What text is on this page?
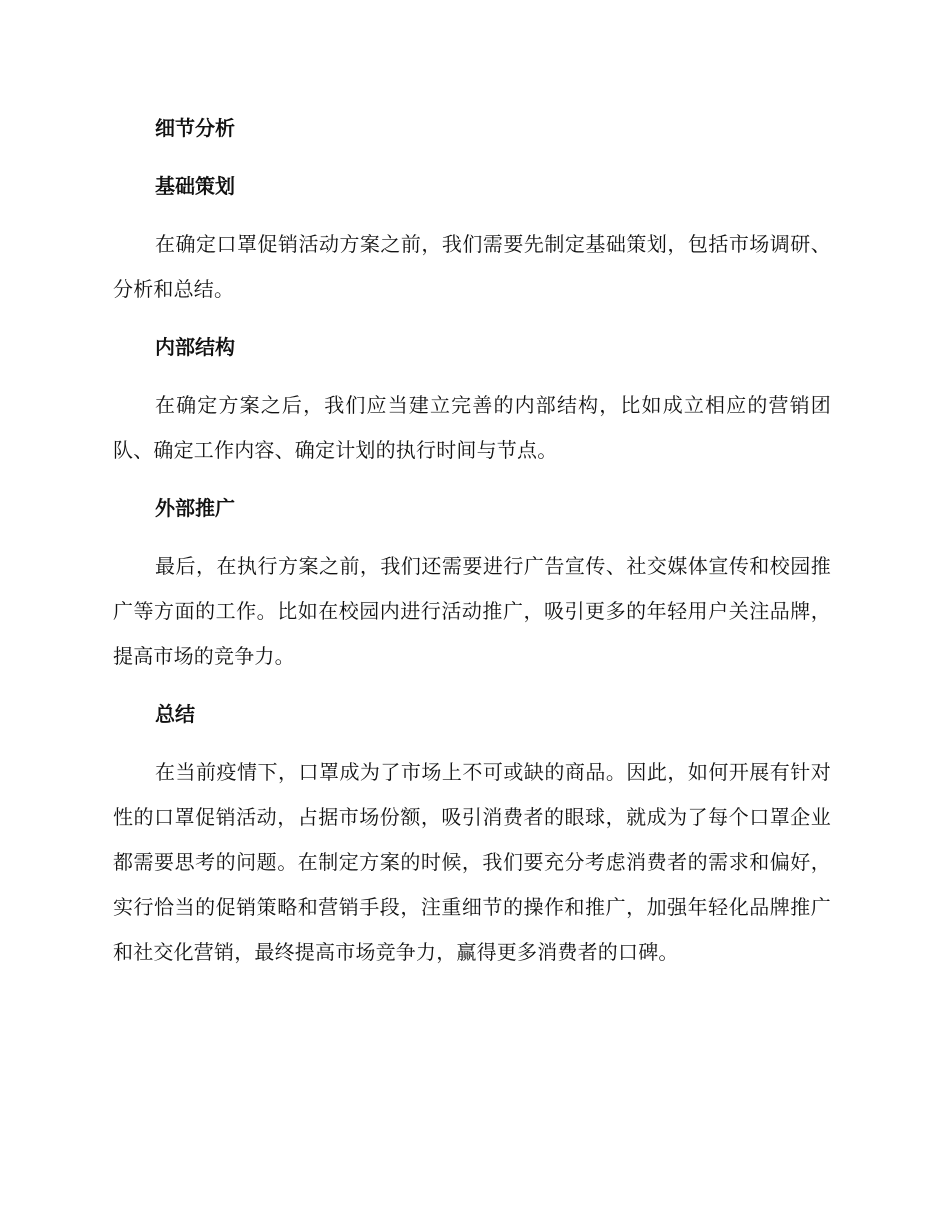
细节分析
基础策划

在确定口罩促销活动方案之前，我们需要先制定基础策划，包括市场调研、分析和总结。

内部结构

在确定方案之后，我们应当建立完善的内部结构，比如成立相应的营销团队、确定工作内容、确定计划的执行时间与节点。

外部推广

最后，在执行方案之前，我们还需要进行广告宣传、社交媒体宣传和校园推广等方面的工作。比如在校园内进行活动推广，吸引更多的年轻用户关注品牌，提高市场的竞争力。

总结

在当前疫情下，口罩成为了市场上不可或缺的商品。因此，如何开展有针对性的口罩促销活动，占据市场份额，吸引消费者的眼球，就成为了每个口罩企业都需要思考的问题。在制定方案的时候，我们要充分考虑消费者的需求和偏好，实行恰当的促销策略和营销手段，注重细节的操作和推广，加强年轻化品牌推广和社交化营销，最终提高市场竞争力，赢得更多消费者的口碑。
